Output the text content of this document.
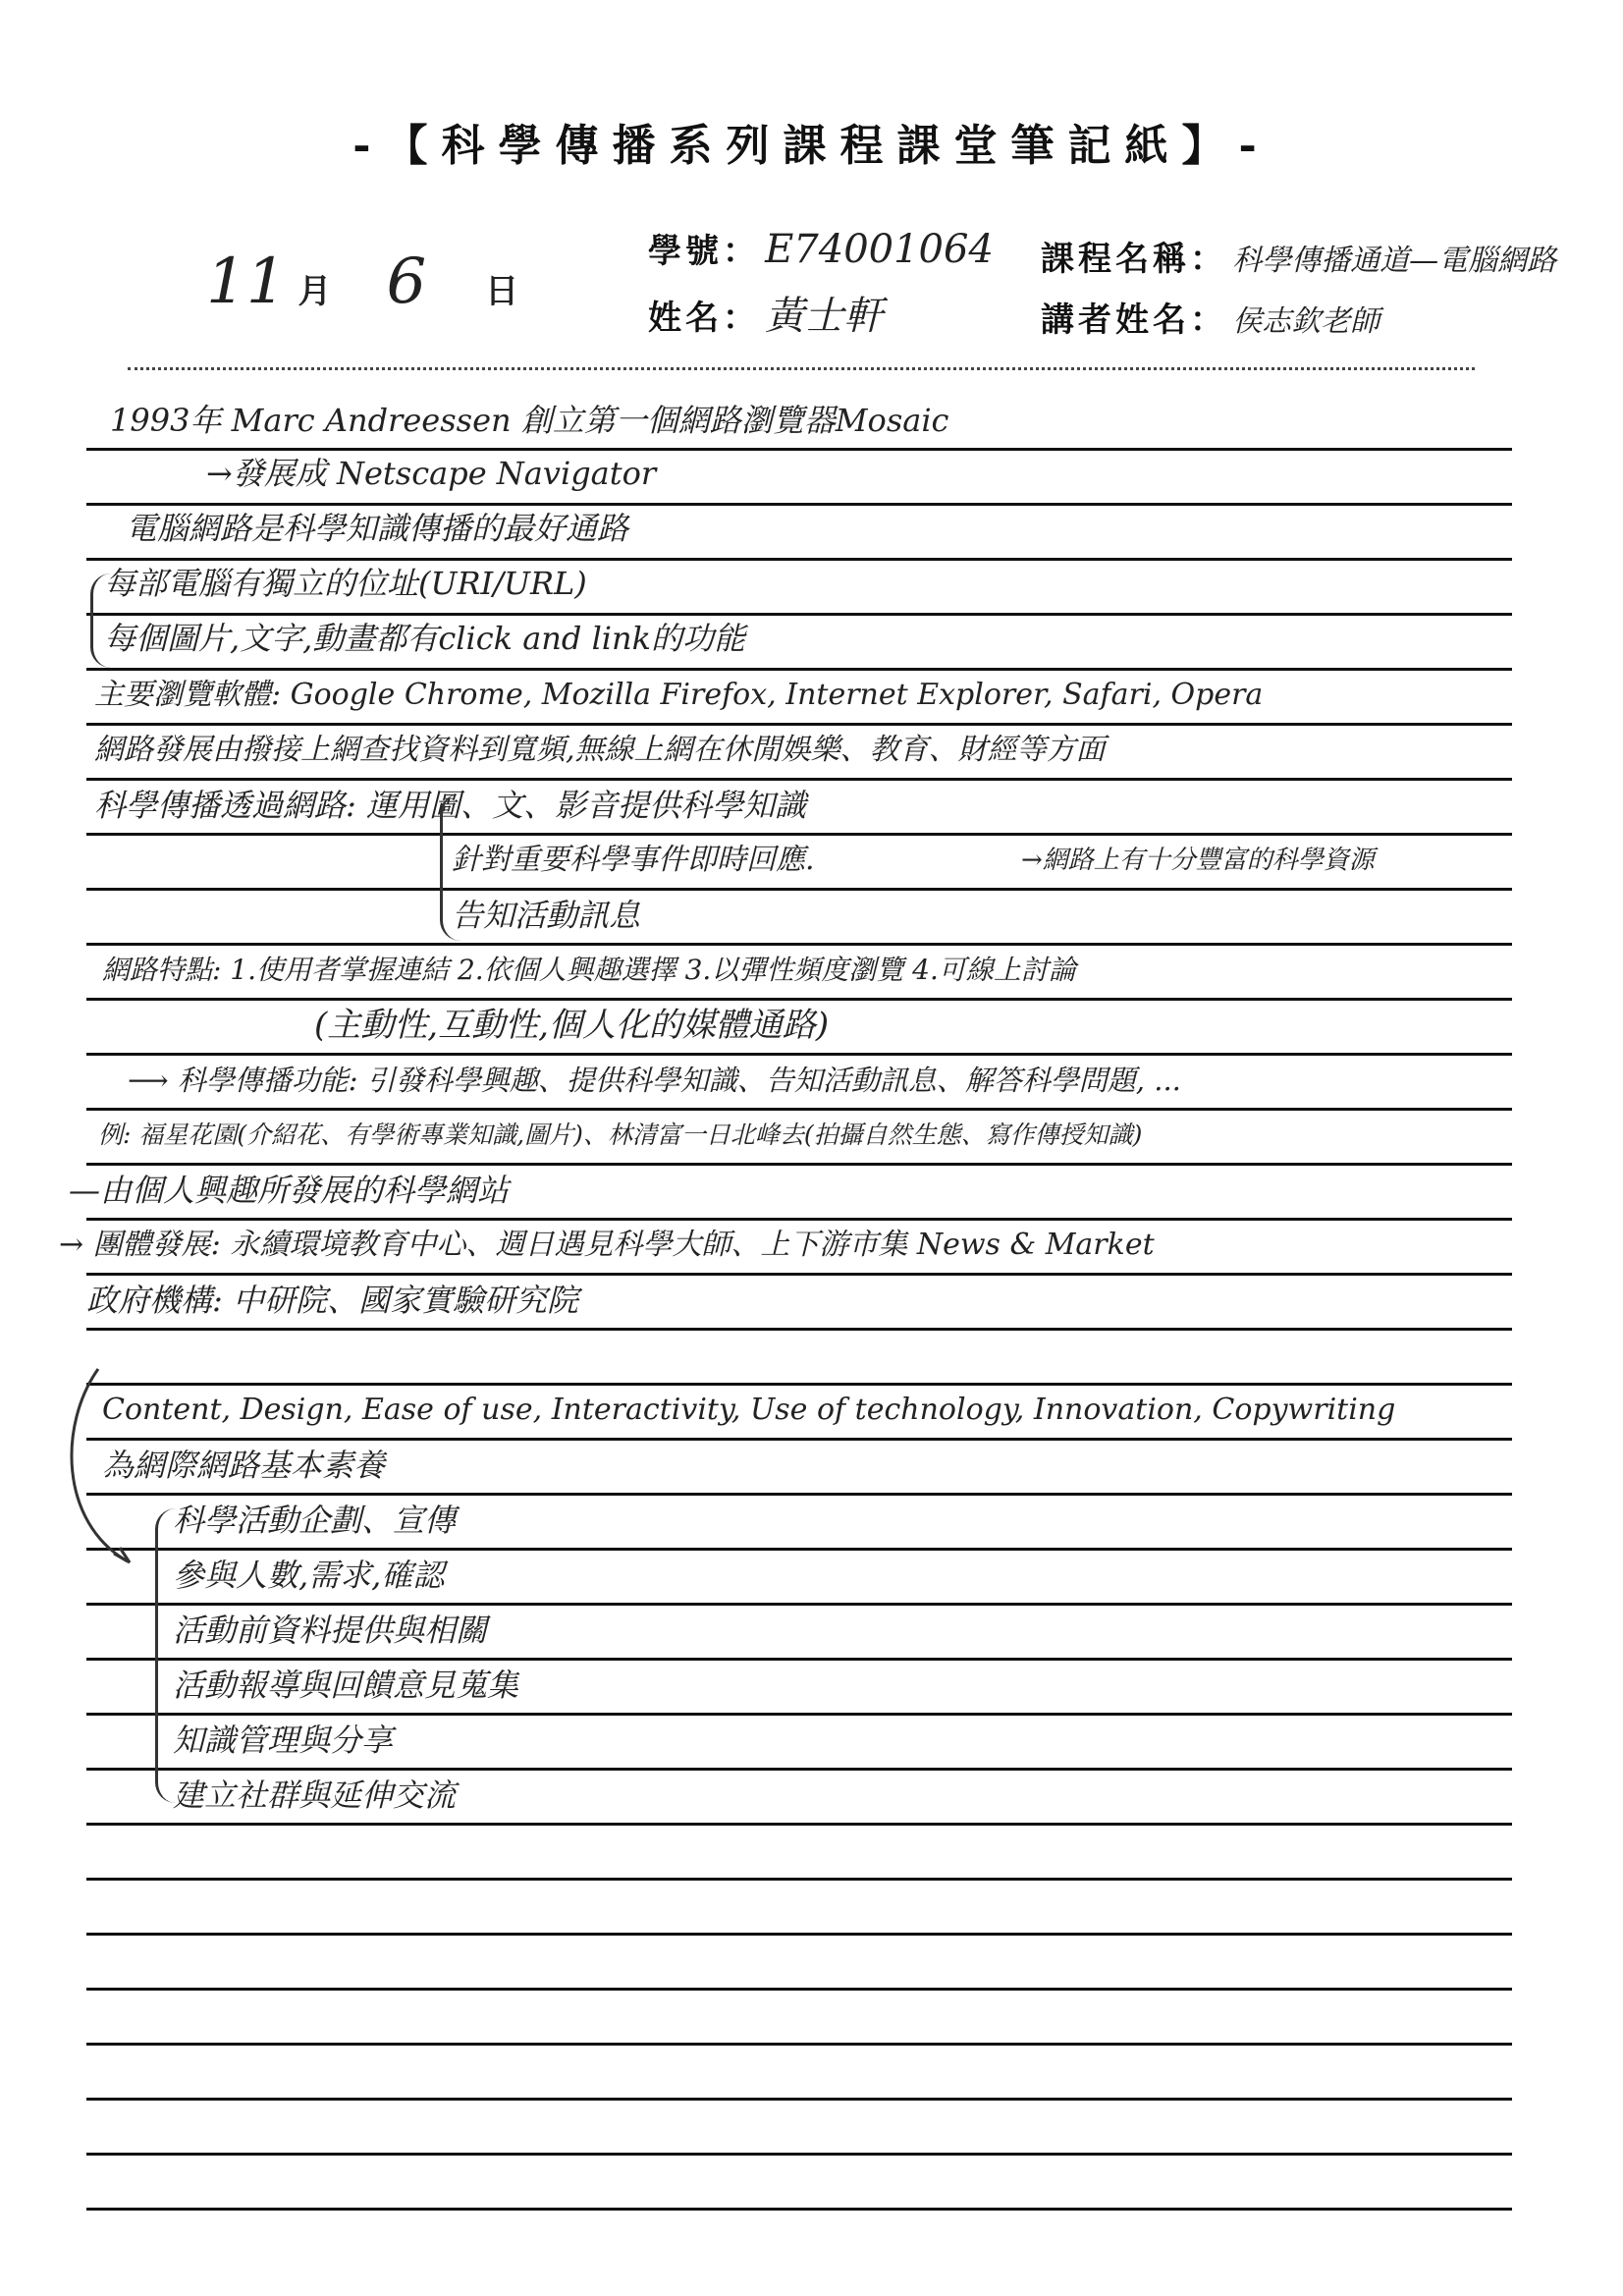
-【科學傳播系列課程課堂筆記紙】-
11 月 6 日
學號： E74001064
姓名： 黃士軒
課程名稱： 科學傳播通道—電腦網路
講者姓名： 侯志欽老師
1993年 Marc Andreessen 創立第一個網路瀏覽器Mosaic
→發展成 Netscape Navigator
電腦網路是科學知識傳播的最好通路
每部電腦有獨立的位址(URI/URL)
每個圖片,文字,動畫都有click and link的功能
主要瀏覽軟體: Google Chrome, Mozilla Firefox, Internet Explorer, Safari, Opera
網路發展由撥接上網查找資料到寬頻,無線上網在休閒娛樂、教育、財經等方面
科學傳播透過網路: 運用圖、文、影音提供科學知識
針對重要科學事件即時回應.	→網路上有十分豐富的科學資源
告知活動訊息
網路特點: 1.使用者掌握連結 2.依個人興趣選擇 3.以彈性頻度瀏覽 4.可線上討論
(主動性,互動性,個人化的媒體通路)
⟶ 科學傳播功能: 引發科學興趣、提供科學知識、告知活動訊息、解答科學問題, ...
例: 福星花園(介紹花、有學術專業知識,圖片)、林清富一日北峰去(拍攝自然生態、寫作傳授知識)
—由個人興趣所發展的科學網站
→ 團體發展: 永續環境教育中心、週日遇見科學大師、上下游市集 News & Market
政府機構: 中研院、國家實驗研究院
Content, Design, Ease of use, Interactivity, Use of technology, Innovation, Copywriting
為網際網路基本素養
科學活動企劃、宣傳
參與人數,需求,確認
活動前資料提供與相關
活動報導與回饋意見蒐集
知識管理與分享
建立社群與延伸交流
